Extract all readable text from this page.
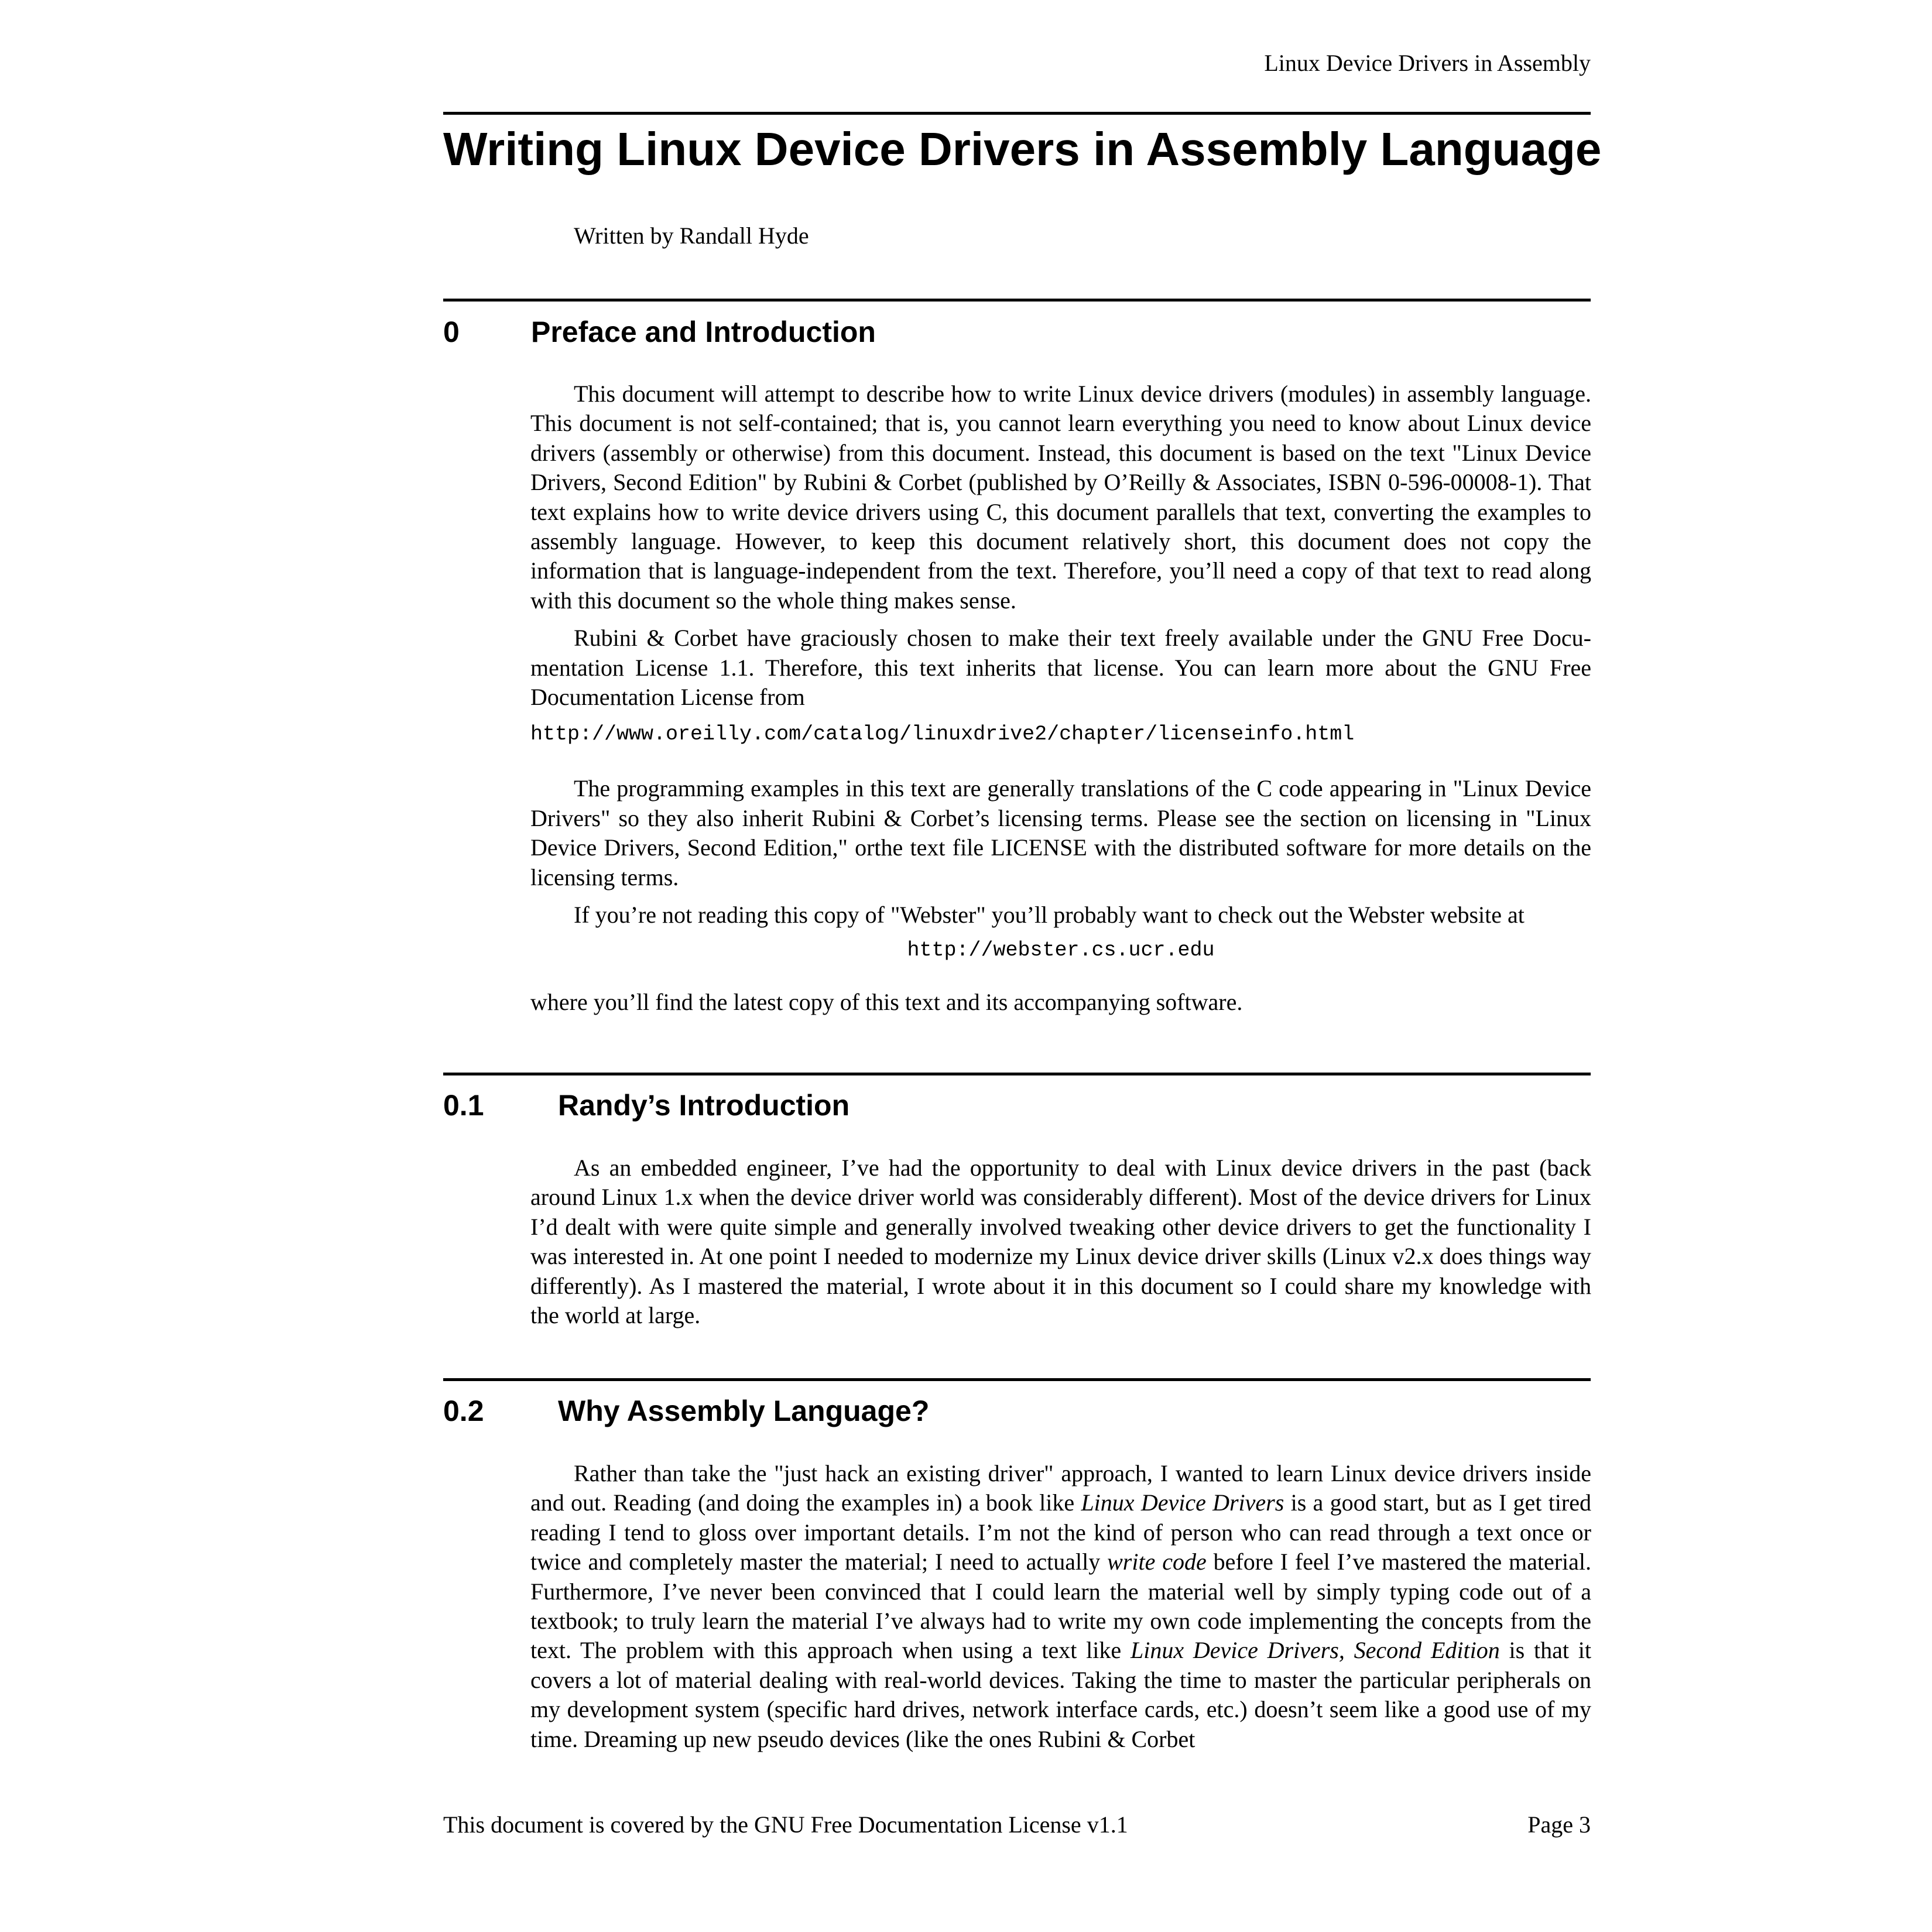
Linux Device Drivers in Assembly
Writing Linux Device Drivers in Assembly Language
Written by Randall Hyde
0 Preface and Introduction

This document will attempt to describe how to write Linux device drivers (modules) in assembly language. This document is not self-contained; that is, you cannot learn everything you need to know about Linux device drivers (assembly or otherwise) from this document. Instead, this document is based on the text "Linux Device Drivers, Second Edition" by Rubini & Corbet (published by O’Reilly & Associates, ISBN 0-596-00008-1). That text explains how to write device drivers using C, this document parallels that text, converting the examples to assembly language. However, to keep this document relatively short, this document does not copy the information that is language-independent from the text. Therefore, you’ll need a copy of that text to read along with this document so the whole thing makes sense.

Rubini & Corbet have graciously chosen to make their text freely available under the GNU Free Documentation License 1.1. Therefore, this text inherits that license. You can learn more about the GNU Free Documentation License from

http://www.oreilly.com/catalog/linuxdrive2/chapter/licenseinfo.html

The programming examples in this text are generally translations of the C code appearing in "Linux Device Drivers" so they also inherit Rubini & Corbet’s licensing terms. Please see the section on licensing in "Linux Device Drivers, Second Edition," orthe text file LICENSE with the distributed software for more details on the licensing terms.

If you’re not reading this copy of "Webster" you’ll probably want to check out the Webster website at

http://webster.cs.ucr.edu

where you’ll find the latest copy of this text and its accompanying software.

0.1	Randy’s Introduction

As an embedded engineer, I’ve had the opportunity to deal with Linux device drivers in the past (back around Linux 1.x when the device driver world was considerably different). Most of the device drivers for Linux I’d dealt with were quite simple and generally involved tweaking other device drivers to get the functionality I was interested in. At one point I needed to modernize my Linux device driver skills (Linux v2.x does things way differently). As I mastered the material, I wrote about it in this document so I could share my knowledge with the world at large.

0.2	Why Assembly Language?

Rather than take the "just hack an existing driver" approach, I wanted to learn Linux device drivers inside and out. Reading (and doing the examples in) a book like Linux Device Drivers is a good start, but as I get tired reading I tend to gloss over important details. I’m not the kind of person who can read through a text once or twice and completely master the material; I need to actually write code before I feel I’ve mastered the material. Furthermore, I’ve never been convinced that I could learn the material well by simply typing code out of a textbook; to truly learn the material I’ve always had to write my own code implementing the concepts from the text. The problem with this approach when using a text like Linux Device Drivers, Second Edition is that it covers a lot of material dealing with real-world devices. Taking the time to master the particular peripherals on my development system (specific hard drives, network interface cards, etc.) doesn’t seem like a good use of my time. Dreaming up new pseudo devices (like the ones Rubini & Corbet

This document is covered by the GNU Free Documentation License v1.1	Page 3
